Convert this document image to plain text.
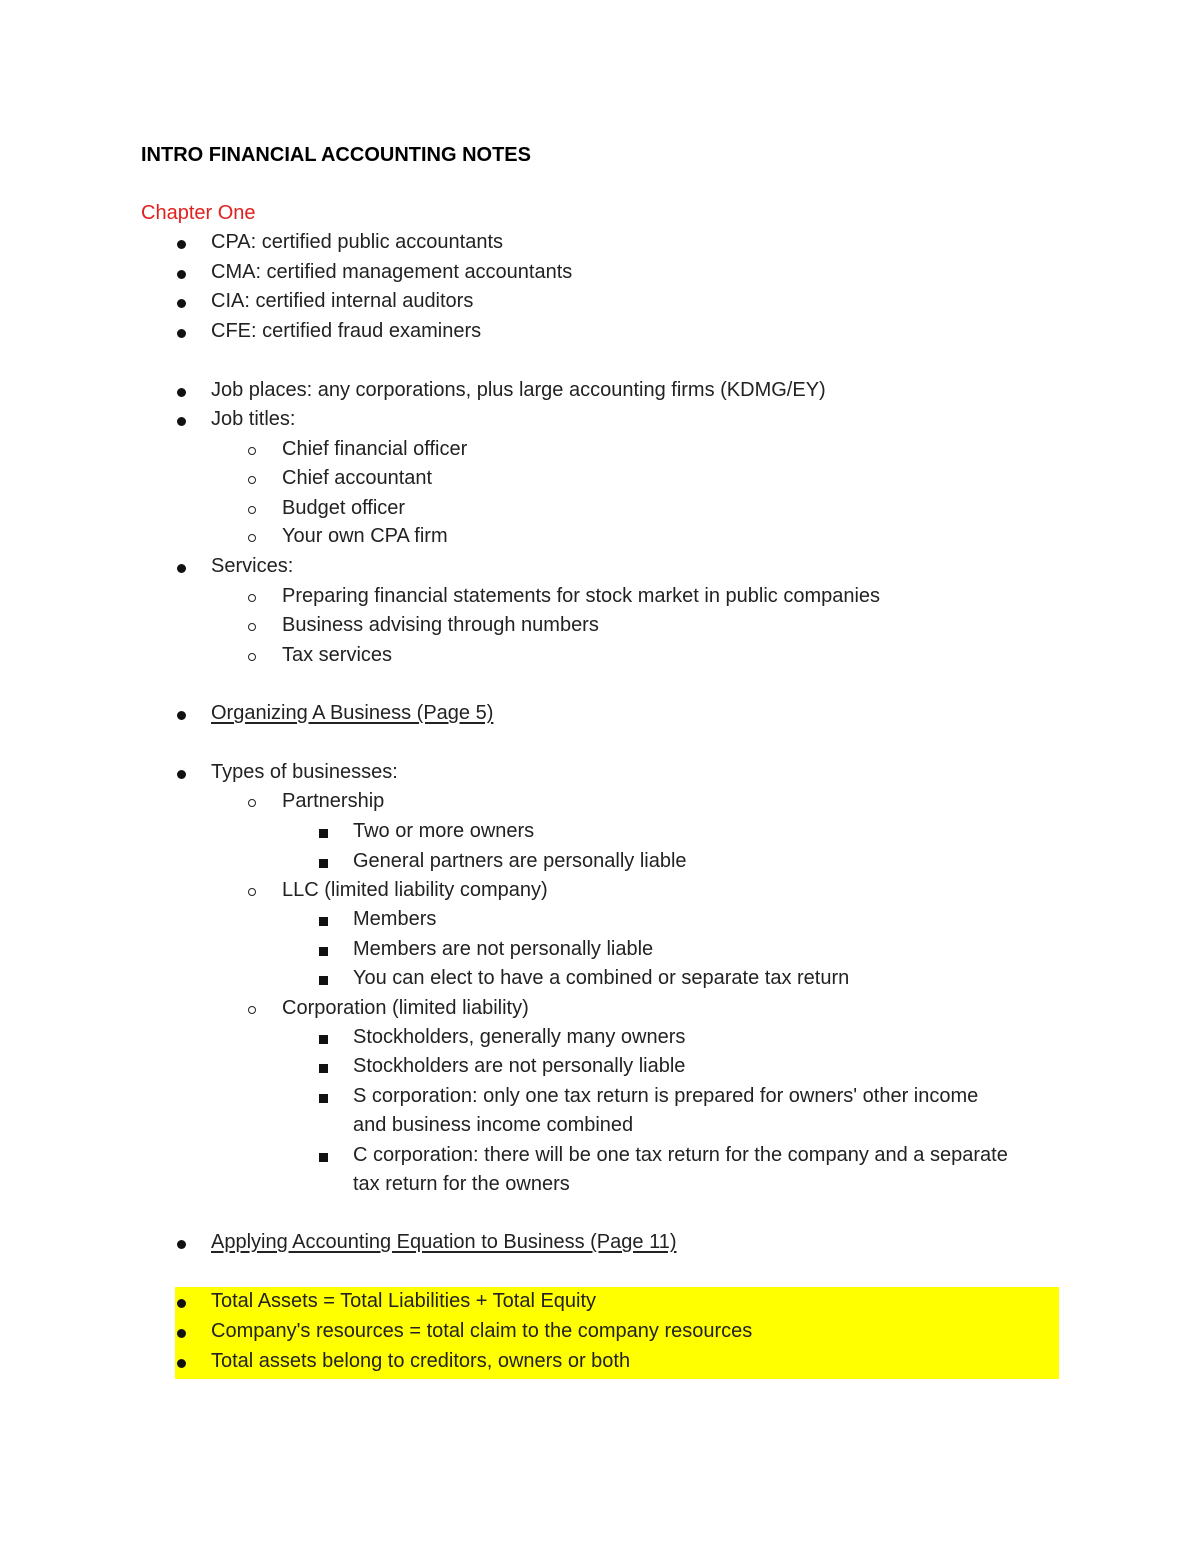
INTRO FINANCIAL ACCOUNTING NOTES
Chapter One
CPA: certified public accountants
CMA: certified management accountants
CIA: certified internal auditors
CFE: certified fraud examiners
Job places: any corporations, plus large accounting firms (KDMG/EY)
Job titles:
Chief financial officer
Chief accountant
Budget officer
Your own CPA firm
Services:
Preparing financial statements for stock market in public companies
Business advising through numbers
Tax services
Organizing A Business (Page 5)
Types of businesses:
Partnership
Two or more owners
General partners are personally liable
LLC (limited liability company)
Members
Members are not personally liable
You can elect to have a combined or separate tax return
Corporation (limited liability)
Stockholders, generally many owners
Stockholders are not personally liable
S corporation: only one tax return is prepared for owners' other income
and business income combined
C corporation: there will be one tax return for the company and a separate
tax return for the owners
Applying Accounting Equation to Business (Page 11)
Total Assets = Total Liabilities + Total Equity
Company's resources = total claim to the company resources
Total assets belong to creditors, owners or both
